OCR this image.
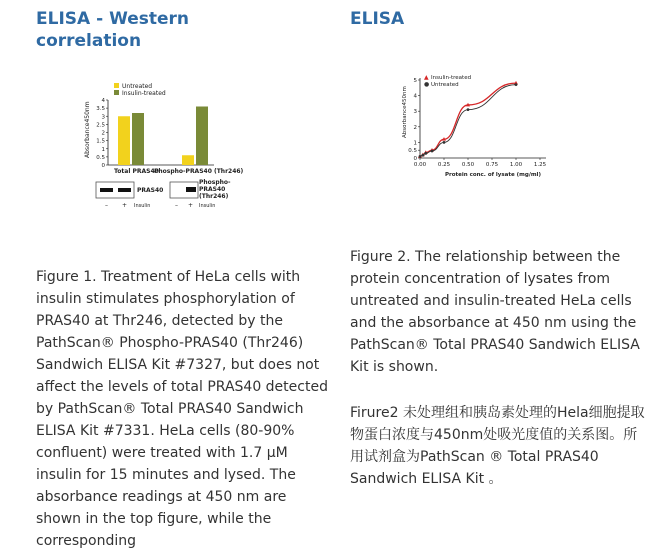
ELISA - Western correlation

Figure 1. Treatment of HeLa cells with insulin stimulates phosphorylation of PRAS40 at Thr246, detected by the PathScan® Phospho-PRAS40 (Thr246) Sandwich ELISA Kit #7327, but does not affect the levels of total PRAS40 detected by PathScan® Total PRAS40 Sandwich ELISA Kit #7331. HeLa cells (80-90% confluent) were treated with 1.7 μM insulin for 15 minutes and lysed. The absorbance readings at 450 nm are shown in the top figure, while the corresponding

Untreated
Insulin-treated
Absorbance450nm
4
3.5
3
2.5
2
1.5
1
0.5
0
Total PRAS40
Phospho-PRAS40 (Thr246)
PRAS40
Phospho-
PRAS40
(Thr246)
– + Insulin	– + Insulin
ELISA

Figure 2. The relationship between the protein concentration of lysates from untreated and insulin-treated HeLa cells and the absorbance at 450 nm using the PathScan® Total PRAS40 Sandwich ELISA Kit is shown.

Firure2 未处理组和胰岛素处理的Hela细胞提取物蛋白浓度与450nm处吸光度值的关系图。所用试剂盒为PathScan ® Total PRAS40 Sandwich ELISA Kit 。

▲ Insulin-treated
● Untreated
Absorbance450nm
5
4
3
2
1
0.5
0
0.00 0.25 0.50 0.75 1.00 1.25
Protein conc. of lysate (mg/ml)
